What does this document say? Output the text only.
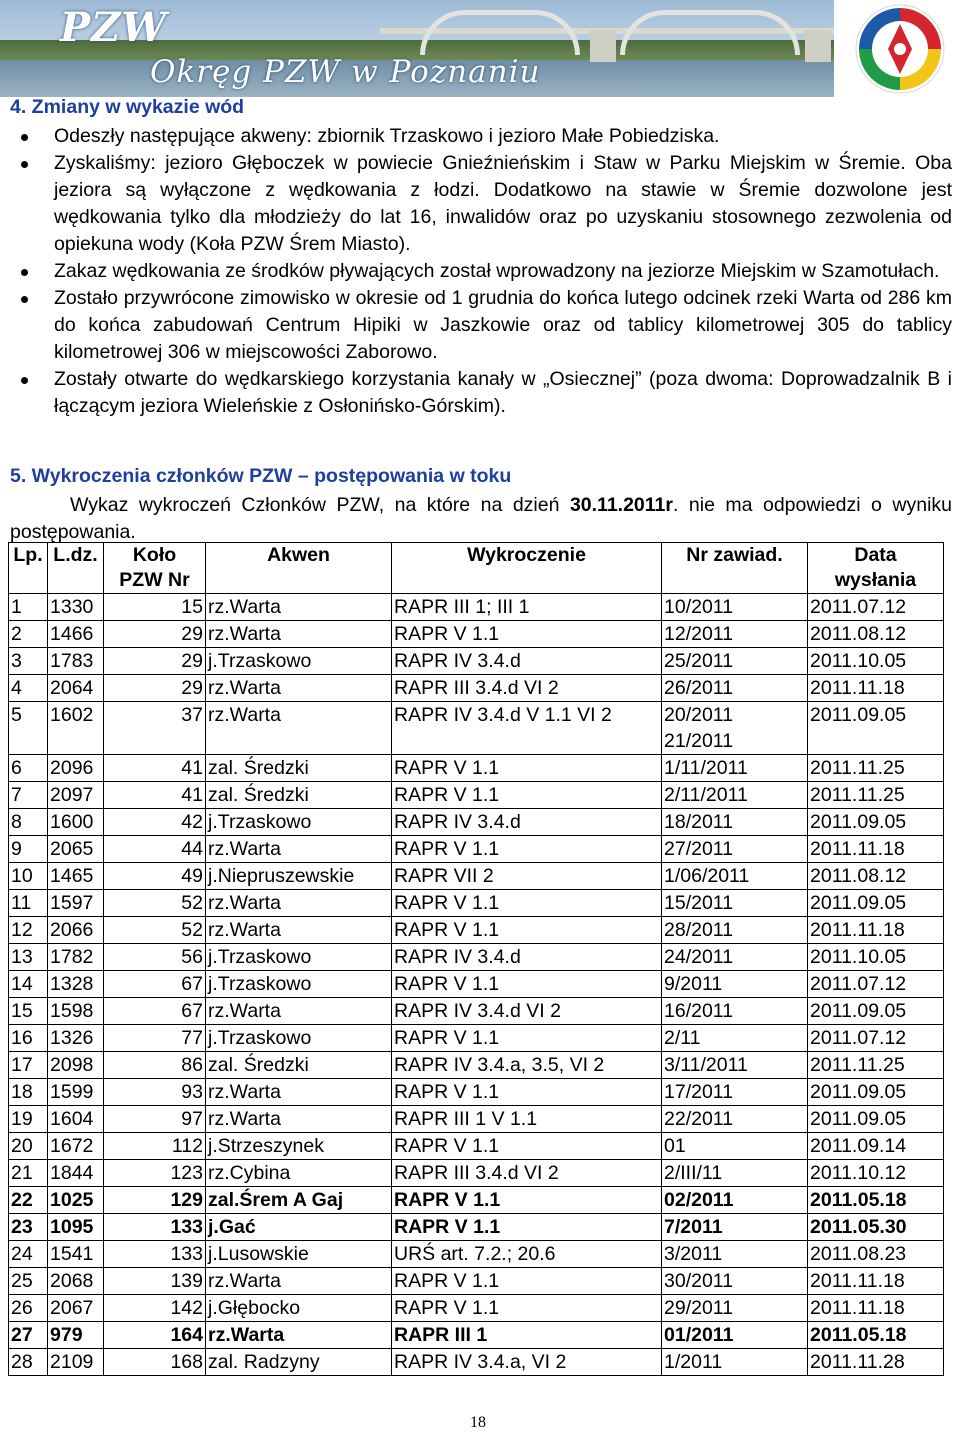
PZW
Okręg PZW w Poznaniu
4. Zmiany w wykazie wód
Odeszły następujące akweny: zbiornik Trzaskowo i jezioro Małe Pobiedziska.
Zyskaliśmy: jezioro Głęboczek w powiecie Gnieźnieńskim i Staw w Parku Miejskim w Śremie. Oba jeziora są wyłączone z wędkowania z łodzi. Dodatkowo na stawie w Śremie dozwolone jest wędkowania tylko dla młodzieży do lat 16, inwalidów oraz po uzyskaniu stosownego zezwolenia od opiekuna wody (Koła PZW Śrem Miasto).
Zakaz wędkowania ze środków pływających został wprowadzony na jeziorze Miejskim w Szamotułach.
Zostało przywrócone zimowisko w okresie od 1 grudnia do końca lutego odcinek rzeki Warta od 286 km do końca zabudowań Centrum Hipiki w Jaszkowie oraz od tablicy kilometrowej 305 do tablicy kilometrowej 306 w miejscowości Zaborowo.
Zostały otwarte do wędkarskiego korzystania kanały w „Osiecznej” (poza dwoma: Doprowadzalnik B i łączącym jeziora Wieleńskie z Osłonińsko-Górskim).
5. Wykroczenia członków PZW – postępowania w toku

Wykaz wykroczeń Członków PZW, na które na dzień 30.11.2011r. nie ma odpowiedzi o wyniku postępowania.

Lp.	L.dz.	Koło
PZW Nr	Akwen	Wykroczenie	Nr zawiad.	Data
wysłania
1	1330	15	rz.Warta	RAPR III 1; III 1	10/2011	2011.07.12
2	1466	29	rz.Warta	RAPR V 1.1	12/2011	2011.08.12
3	1783	29	j.Trzaskowo	RAPR IV 3.4.d	25/2011	2011.10.05
4	2064	29	rz.Warta	RAPR III 3.4.d VI 2	26/2011	2011.11.18
5	1602	37	rz.Warta	RAPR IV 3.4.d V 1.1 VI 2	20/2011
21/2011	2011.09.05
6	2096	41	zal. Średzki	RAPR V 1.1	1/11/2011	2011.11.25
7	2097	41	zal. Średzki	RAPR V 1.1	2/11/2011	2011.11.25
8	1600	42	j.Trzaskowo	RAPR IV 3.4.d	18/2011	2011.09.05
9	2065	44	rz.Warta	RAPR V 1.1	27/2011	2011.11.18
10	1465	49	j.Niepruszewskie	RAPR VII 2	1/06/2011	2011.08.12
11	1597	52	rz.Warta	RAPR V 1.1	15/2011	2011.09.05
12	2066	52	rz.Warta	RAPR V 1.1	28/2011	2011.11.18
13	1782	56	j.Trzaskowo	RAPR IV 3.4.d	24/2011	2011.10.05
14	1328	67	j.Trzaskowo	RAPR V 1.1	9/2011	2011.07.12
15	1598	67	rz.Warta	RAPR IV 3.4.d VI 2	16/2011	2011.09.05
16	1326	77	j.Trzaskowo	RAPR V 1.1	2/11	2011.07.12
17	2098	86	zal. Średzki	RAPR IV 3.4.a, 3.5, VI 2	3/11/2011	2011.11.25
18	1599	93	rz.Warta	RAPR V 1.1	17/2011	2011.09.05
19	1604	97	rz.Warta	RAPR III 1 V 1.1	22/2011	2011.09.05
20	1672	112	j.Strzeszynek	RAPR V 1.1	01	2011.09.14
21	1844	123	rz.Cybina	RAPR III 3.4.d VI 2	2/III/11	2011.10.12
22	1025	129	zal.Śrem A Gaj	RAPR V 1.1	02/2011	2011.05.18
23	1095	133	j.Gać	RAPR V 1.1	7/2011	2011.05.30
24	1541	133	j.Lusowskie	URŚ art. 7.2.; 20.6	3/2011	2011.08.23
25	2068	139	rz.Warta	RAPR V 1.1	30/2011	2011.11.18
26	2067	142	j.Głębocko	RAPR V 1.1	29/2011	2011.11.18
27	979	164	rz.Warta	RAPR III 1	01/2011	2011.05.18
28	2109	168	zal. Radzyny	RAPR IV 3.4.a, VI 2	1/2011	2011.11.28
18
